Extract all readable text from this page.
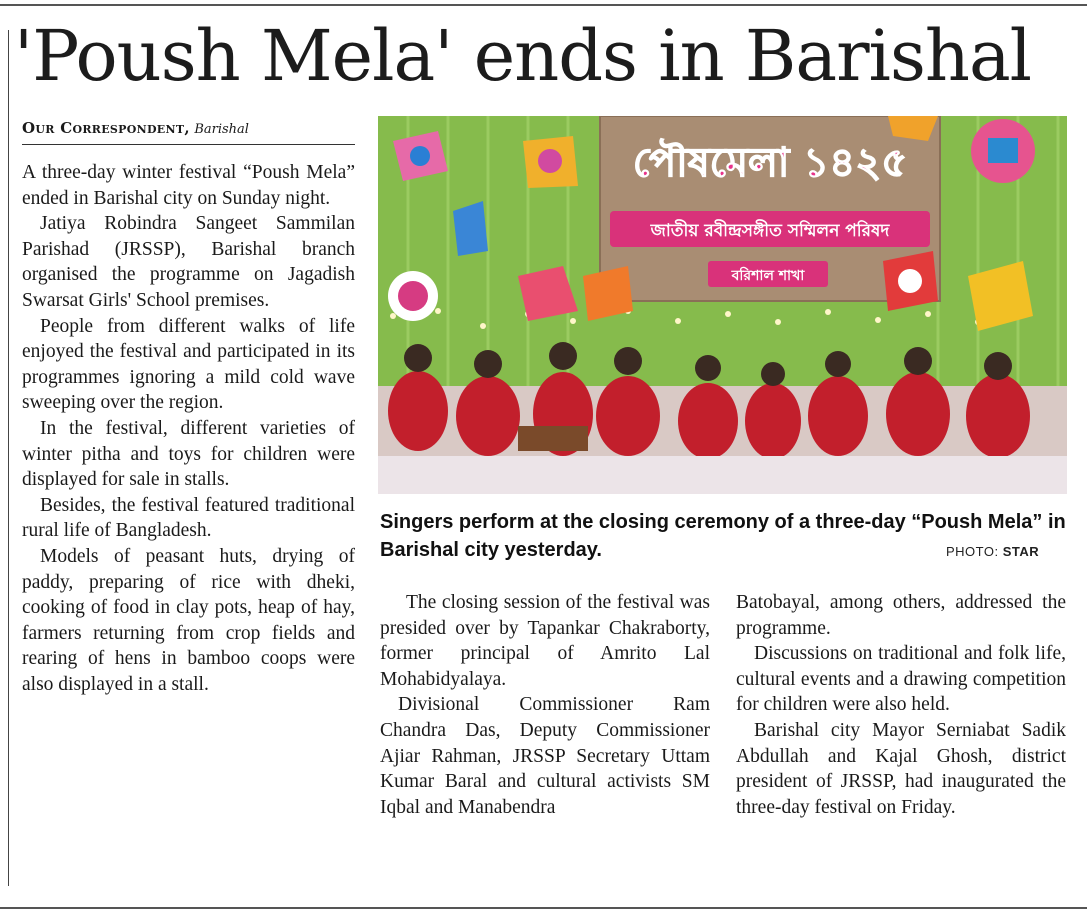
'Poush Mela' ends in Barishal
Our Correspondent, Barishal

A three-day winter festival “Poush Mela” ended in Barishal city on Sunday night.

Jatiya Robindra Sangeet Sammilan Parishad (JRSSP), Barishal branch organised the programme on Jagadish Swarsat Girls' School premises.

People from different walks of life enjoyed the festival and participated in its programmes ignoring a mild cold wave sweeping over the region.

In the festival, different varieties of winter pitha and toys for children were displayed for sale in stalls.

Besides, the festival featured traditional rural life of Bangladesh.

Models of peasant huts, drying of paddy, preparing of rice with dheki, cooking of food in clay pots, heap of hay, farmers returning from crop fields and rearing of hens in bamboo coops were also displayed in a stall.

পৌষমেলা ১৪২৫
জাতীয় রবীন্দ্রসঙ্গীত সম্মিলন পরিষদ
বরিশাল শাখা
Singers perform at the closing ceremony of a three-day “Poush Mela” in Barishal city yesterday.	PHOTO: STAR

The closing session of the festival was presided over by Tapankar Chakraborty, former principal of Amrito Lal Mohabidyalaya.

Divisional Commissioner Ram Chandra Das, Deputy Commissioner Ajiar Rahman, JRSSP Secretary Uttam Kumar Baral and cultural activists SM Iqbal and Manabendra

Batobayal, among others, addressed the programme.

Discussions on traditional and folk life, cultural events and a drawing competition for children were also held.

Barishal city Mayor Serniabat Sadik Abdullah and Kajal Ghosh, district president of JRSSP, had inaugurated the three-day festival on Friday.
